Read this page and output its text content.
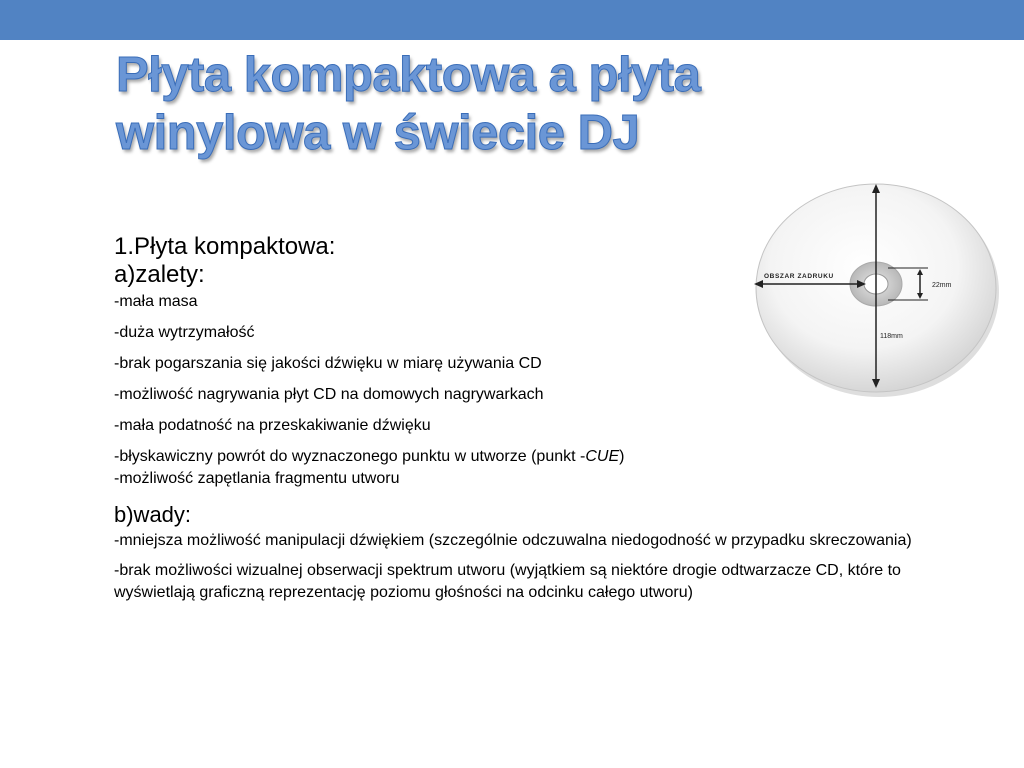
Płyta kompaktowa a płyta
winylowa w świecie DJ

1.Płyta kompaktowa:

a)zalety:

-mała masa

-duża wytrzymałość

-brak pogarszania się jakości dźwięku w miarę używania CD

-możliwość nagrywania płyt CD na domowych nagrywarkach

-mała podatność na przeskakiwanie dźwięku

-błyskawiczny powrót do wyznaczonego punktu w utworze (punkt -CUE)

-możliwość zapętlania fragmentu utworu

b)wady:

-mniejsza możliwość manipulacji dźwiękiem (szczególnie odczuwalna niedogodność w przypadku skreczowania)

-brak możliwości wizualnej obserwacji spektrum utworu (wyjątkiem są niektóre drogie odtwarzacze CD, które to wyświetlają graficzną reprezentację poziomu głośności na odcinku całego utworu)

OBSZAR ZADRUKU
22mm
118mm
